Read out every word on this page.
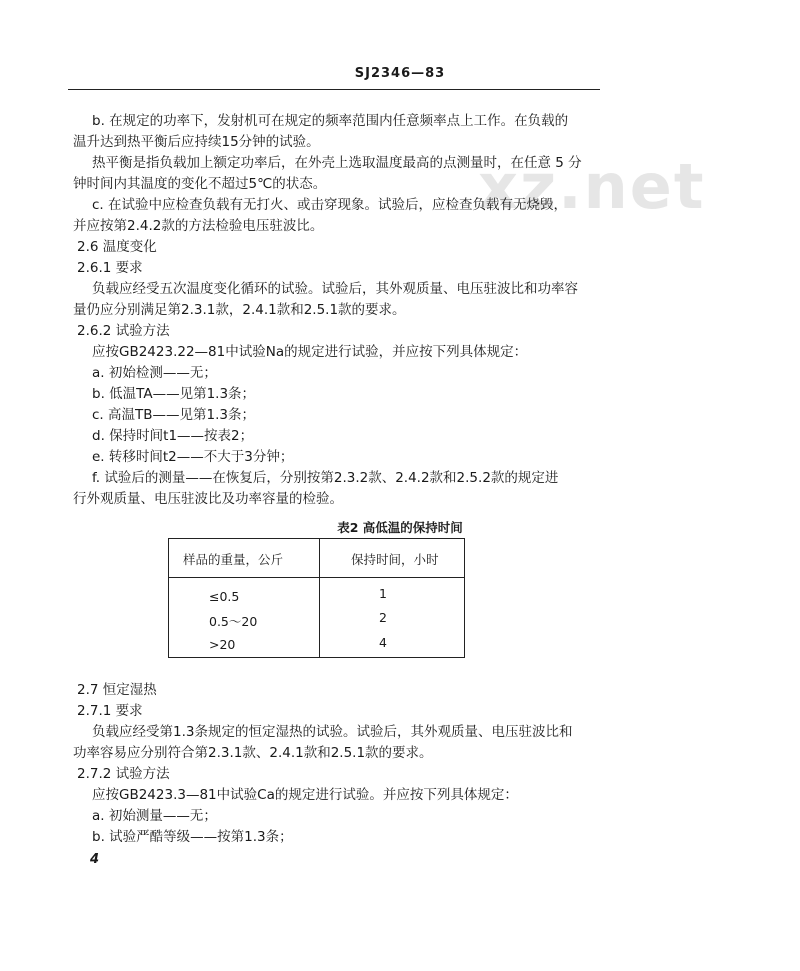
xz.net
SJ2346—83
b. 在规定的功率下，发射机可在规定的频率范围内任意频率点上工作。在负载的
温升达到热平衡后应持续15分钟的试验。
热平衡是指负载加上额定功率后，在外壳上选取温度最高的点测量时，在任意 5 分
钟时间内其温度的变化不超过5℃的状态。
c. 在试验中应检查负载有无打火、或击穿现象。试验后，应检查负载有无烧毁，
并应按第2.4.2款的方法检验电压驻波比。
2.6 温度变化
2.6.1 要求
负载应经受五次温度变化循环的试验。试验后，其外观质量、电压驻波比和功率容
量仍应分别满足第2.3.1款，2.4.1款和2.5.1款的要求。
2.6.2 试验方法
应按GB2423.22—81中试验Na的规定进行试验，并应按下列具体规定：
a. 初始检测——无；
b. 低温TA——见第1.3条；
c. 高温TB——见第1.3条；
d. 保持时间t1——按表2；
e. 转移时间t2——不大于3分钟；
f. 试验后的测量——在恢复后，分别按第2.3.2款、2.4.2款和2.5.2款的规定进
行外观质量、电压驻波比及功率容量的检验。
表2 高低温的保持时间
样品的重量，公斤	保持时间，小时
≤0.5	1
0.5～20	2
>20	4
2.7 恒定湿热
2.7.1 要求
负载应经受第1.3条规定的恒定湿热的试验。试验后，其外观质量、电压驻波比和
功率容易应分别符合第2.3.1款、2.4.1款和2.5.1款的要求。
2.7.2 试验方法
应按GB2423.3—81中试验Ca的规定进行试验。并应按下列具体规定：
a. 初始测量——无；
b. 试验严酷等级——按第1.3条；
4
